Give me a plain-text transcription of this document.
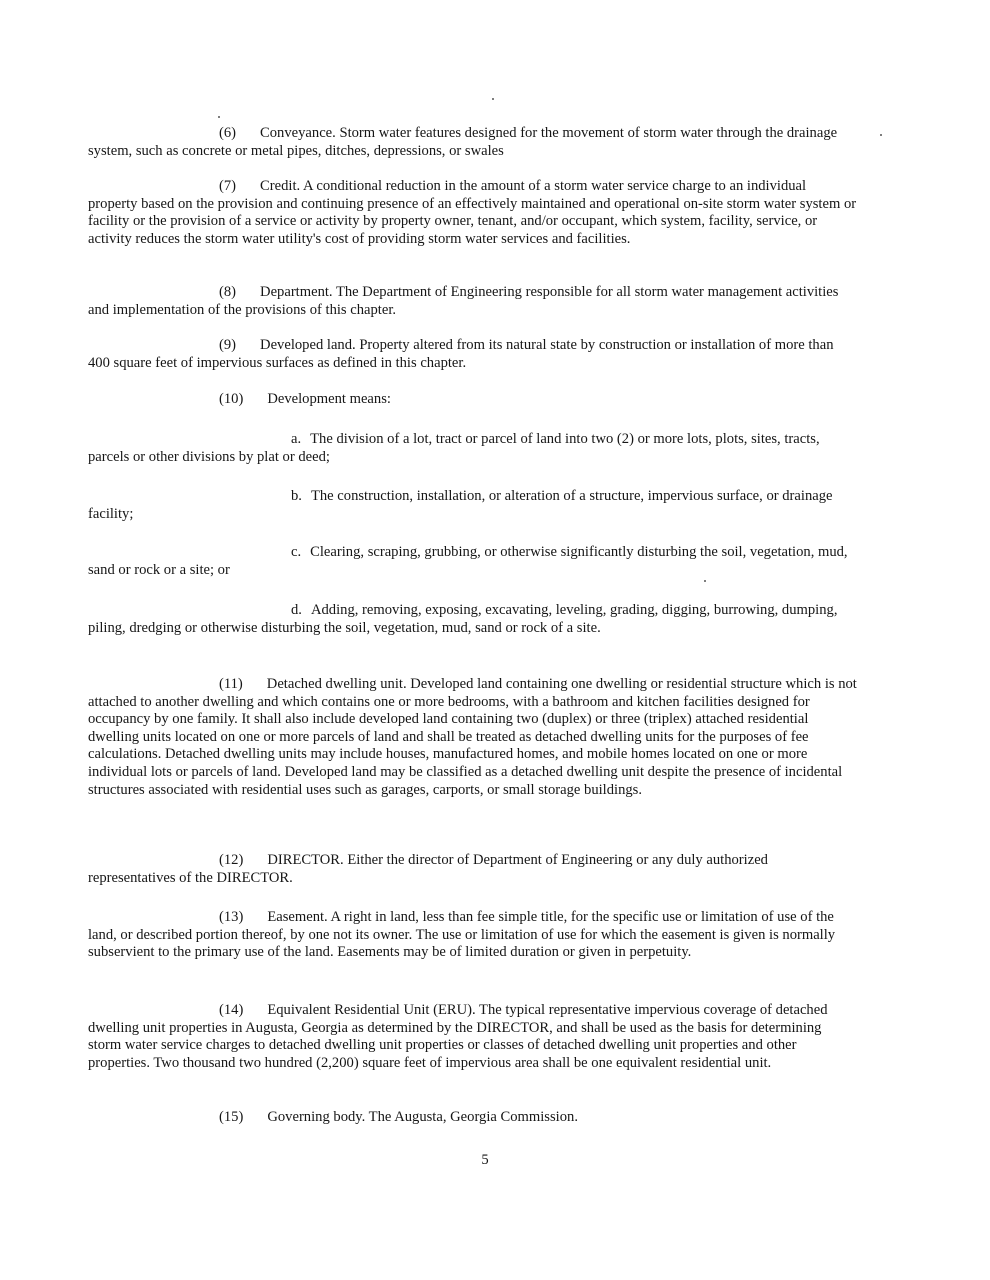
(6) Conveyance. Storm water features designed for the movement of storm water through the drainage system, such as concrete or metal pipes, ditches, depressions, or swales

(7) Credit. A conditional reduction in the amount of a storm water service charge to an individual property based on the provision and continuing presence of an effectively maintained and operational on-site storm water system or facility or the provision of a service or activity by property owner, tenant, and/or occupant, which system, facility, service, or activity reduces the storm water utility's cost of providing storm water services and facilities.

(8) Department. The Department of Engineering responsible for all storm water management activities and implementation of the provisions of this chapter.

(9) Developed land. Property altered from its natural state by construction or installation of more than 400 square feet of impervious surfaces as defined in this chapter.

(10) Development means:

a. The division of a lot, tract or parcel of land into two (2) or more lots, plots, sites, tracts, parcels or other divisions by plat or deed;

b. The construction, installation, or alteration of a structure, impervious surface, or drainage facility;

c. Clearing, scraping, grubbing, or otherwise significantly disturbing the soil, vegetation, mud, sand or rock or a site; or

d. Adding, removing, exposing, excavating, leveling, grading, digging, burrowing, dumping, piling, dredging or otherwise disturbing the soil, vegetation, mud, sand or rock of a site.

(11) Detached dwelling unit. Developed land containing one dwelling or residential structure which is not attached to another dwelling and which contains one or more bedrooms, with a bathroom and kitchen facilities designed for occupancy by one family. It shall also include developed land containing two (duplex) or three (triplex) attached residential dwelling units located on one or more parcels of land and shall be treated as detached dwelling units for the purposes of fee calculations. Detached dwelling units may include houses, manufactured homes, and mobile homes located on one or more individual lots or parcels of land. Developed land may be classified as a detached dwelling unit despite the presence of incidental structures associated with residential uses such as garages, carports, or small storage buildings.

(12) DIRECTOR. Either the director of Department of Engineering or any duly authorized representatives of the DIRECTOR.

(13) Easement. A right in land, less than fee simple title, for the specific use or limitation of use of the land, or described portion thereof, by one not its owner. The use or limitation of use for which the easement is given is normally subservient to the primary use of the land. Easements may be of limited duration or given in perpetuity.

(14) Equivalent Residential Unit (ERU). The typical representative impervious coverage of detached dwelling unit properties in Augusta, Georgia as determined by the DIRECTOR, and shall be used as the basis for determining storm water service charges to detached dwelling unit properties or classes of detached dwelling unit properties and other properties. Two thousand two hundred (2,200) square feet of impervious area shall be one equivalent residential unit.

(15) Governing body. The Augusta, Georgia Commission.

5
